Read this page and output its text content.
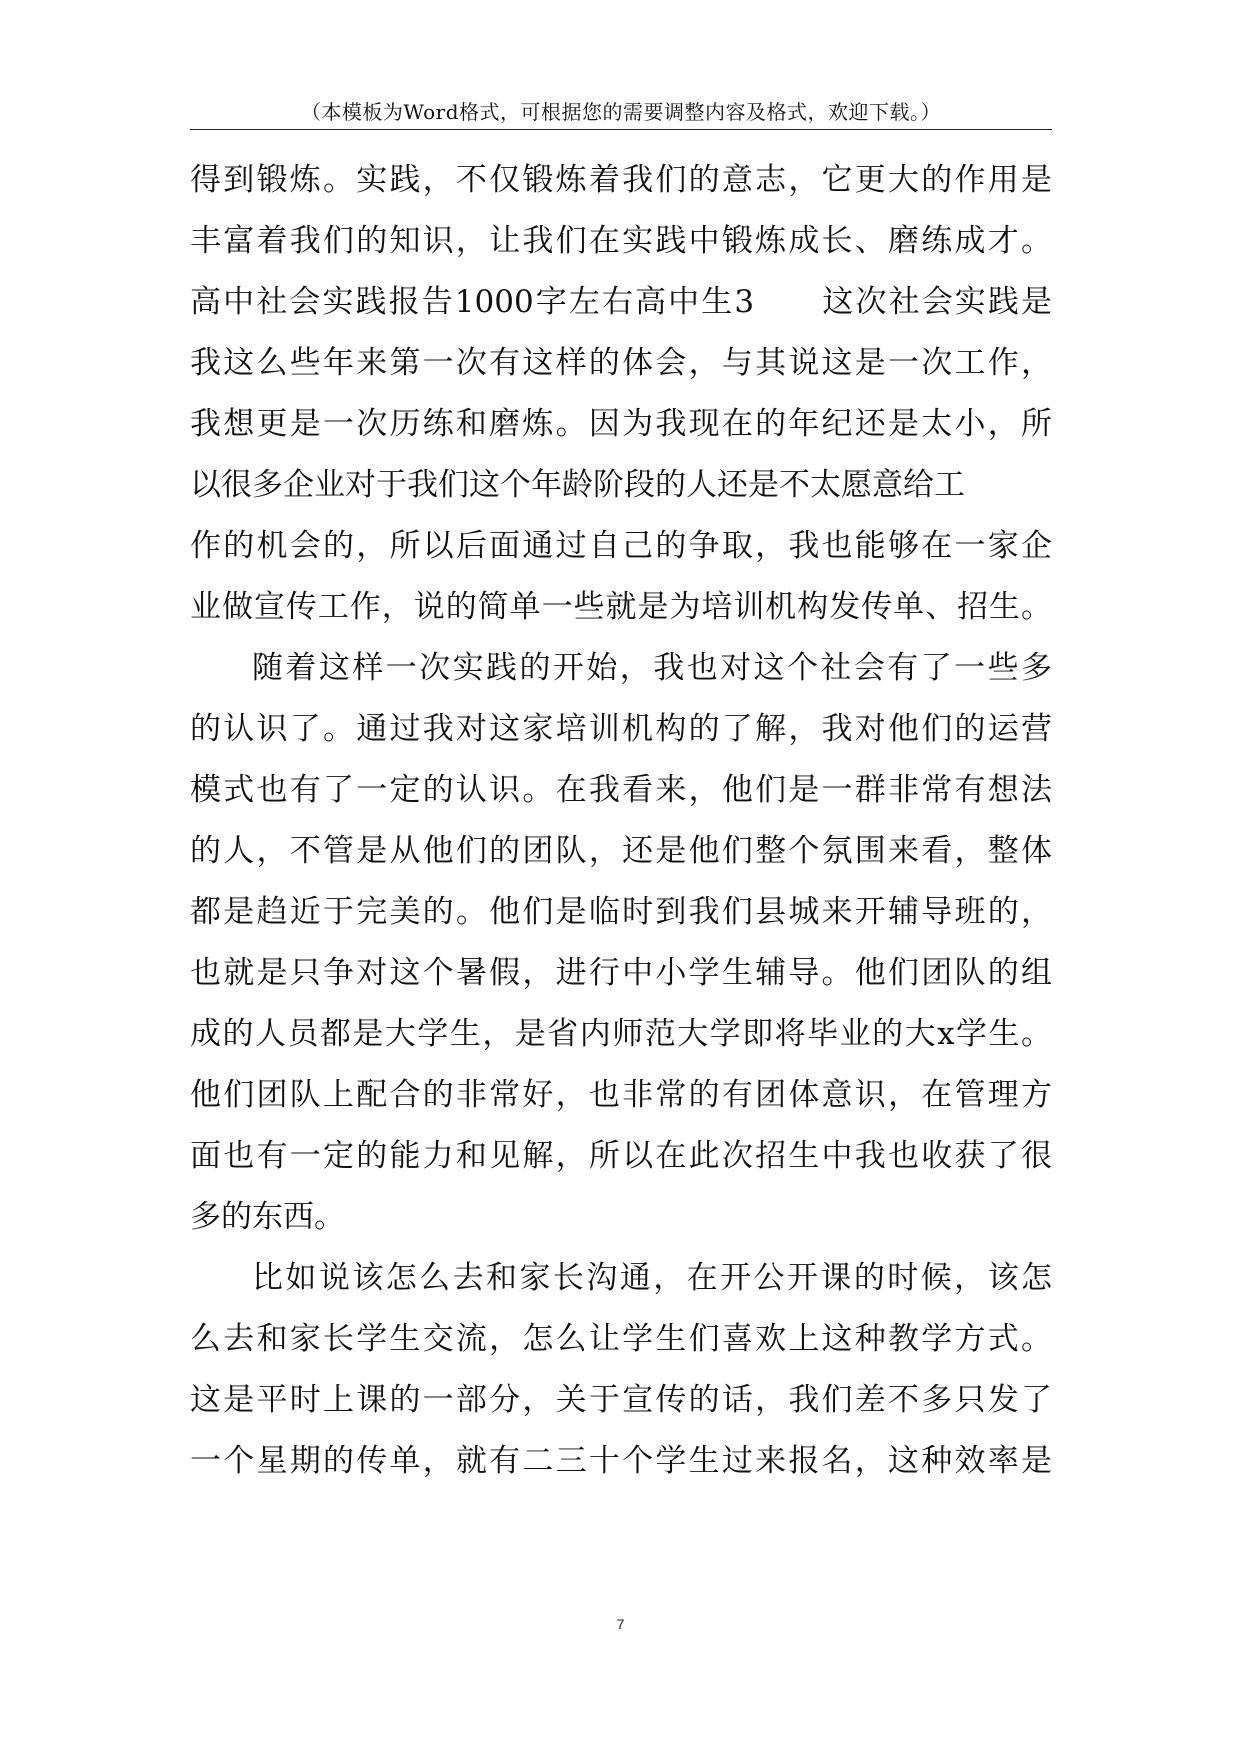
（本模板为Word格式，可根据您的需要调整内容及格式，欢迎下载。）
得到锻炼。实践，不仅锻炼着我们的意志，它更大的作用是
丰富着我们的知识，让我们在实践中锻炼成长、磨练成才。
高中社会实践报告1000字左右高中生3　　这次社会实践是
我这么些年来第一次有这样的体会，与其说这是一次工作，
我想更是一次历练和磨炼。因为我现在的年纪还是太小，所
以很多企业对于我们这个年龄阶段的人还是不太愿意给工
作的机会的，所以后面通过自己的争取，我也能够在一家企
业做宣传工作，说的简单一些就是为培训机构发传单、招生。
随着这样一次实践的开始，我也对这个社会有了一些多
的认识了。通过我对这家培训机构的了解，我对他们的运营
模式也有了一定的认识。在我看来，他们是一群非常有想法
的人，不管是从他们的团队，还是他们整个氛围来看，整体
都是趋近于完美的。他们是临时到我们县城来开辅导班的，
也就是只争对这个暑假，进行中小学生辅导。他们团队的组
成的人员都是大学生，是省内师范大学即将毕业的大x学生。
他们团队上配合的非常好，也非常的有团体意识，在管理方
面也有一定的能力和见解，所以在此次招生中我也收获了很
多的东西。
比如说该怎么去和家长沟通，在开公开课的时候，该怎
么去和家长学生交流，怎么让学生们喜欢上这种教学方式。
这是平时上课的一部分，关于宣传的话，我们差不多只发了
一个星期的传单，就有二三十个学生过来报名，这种效率是
7
